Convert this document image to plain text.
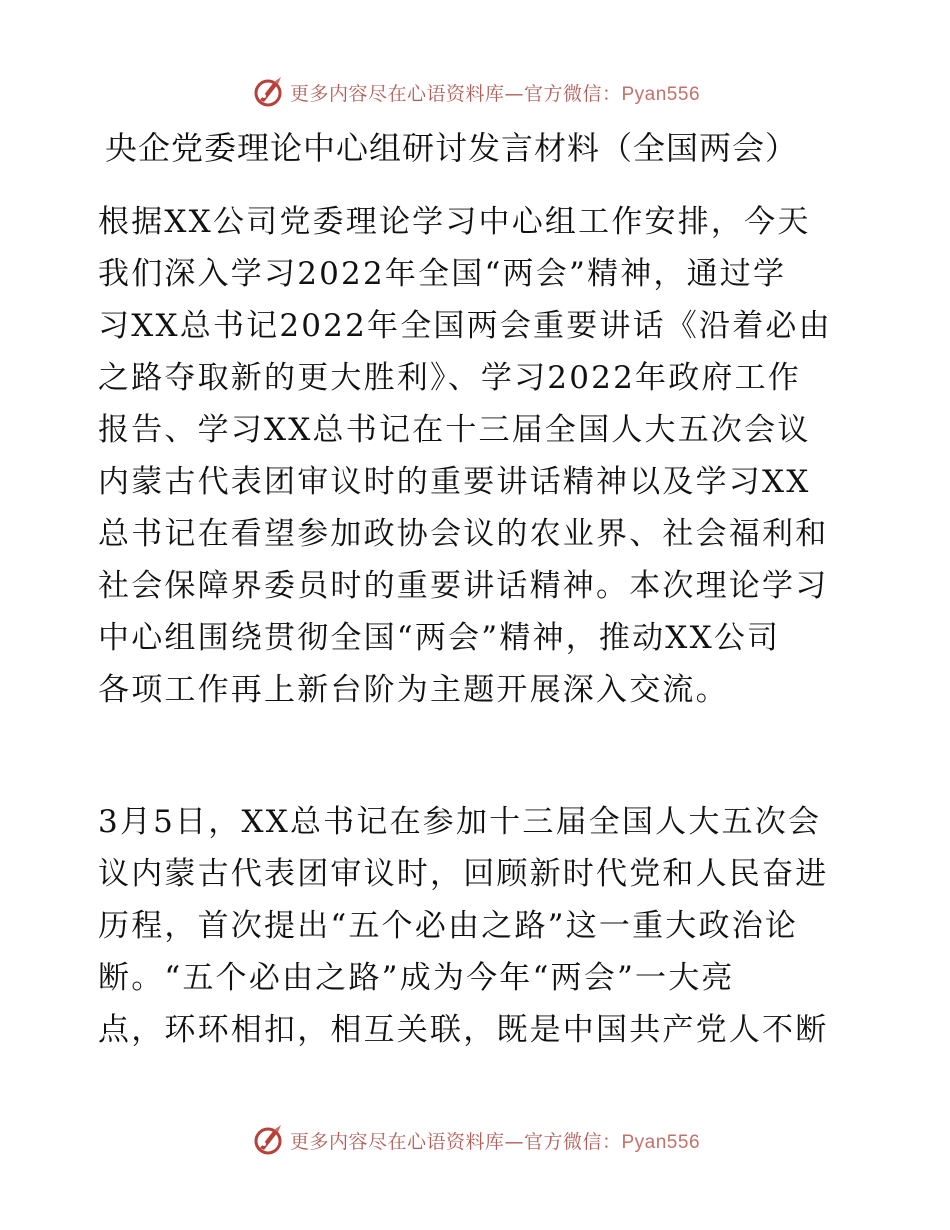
更多内容尽在心语资料库—官方微信：Pyan556
央企党委理论中心组研讨发言材料（全国两会）
根据XX公司党委理论学习中心组工作安排，今天
我们深入学习2022年全国“两会”精神，通过学
习XX总书记2022年全国两会重要讲话《沿着必由
之路夺取新的更大胜利》、学习2022年政府工作
报告、学习XX总书记在十三届全国人大五次会议
内蒙古代表团审议时的重要讲话精神以及学习XX
总书记在看望参加政协会议的农业界、社会福利和
社会保障界委员时的重要讲话精神。本次理论学习
中心组围绕贯彻全国“两会”精神，推动XX公司
各项工作再上新台阶为主题开展深入交流。
3月5日，XX总书记在参加十三届全国人大五次会
议内蒙古代表团审议时，回顾新时代党和人民奋进
历程，首次提出“五个必由之路”这一重大政治论
断。“五个必由之路”成为今年“两会”一大亮
点，环环相扣，相互关联，既是中国共产党人不断
更多内容尽在心语资料库—官方微信：Pyan556
